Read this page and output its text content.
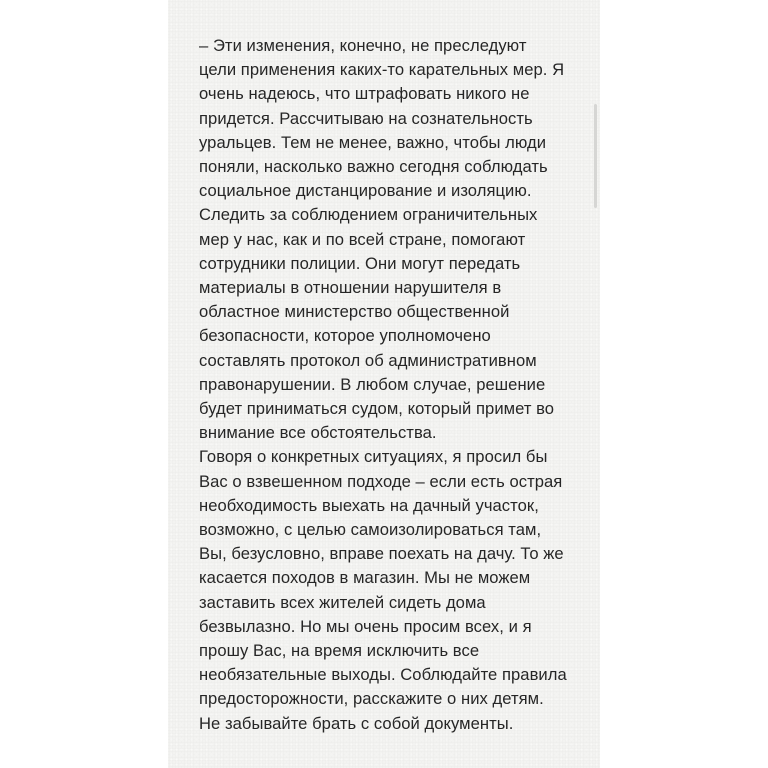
– Эти изменения, конечно, не преследуют
цели применения каких-то карательных мер. Я
очень надеюсь, что штрафовать никого не
придется. Рассчитываю на сознательность
уральцев. Тем не менее, важно, чтобы люди
поняли, насколько важно сегодня соблюдать
социальное дистанцирование и изоляцию.
Следить за соблюдением ограничительных
мер у нас, как и по всей стране, помогают
сотрудники полиции. Они могут передать
материалы в отношении нарушителя в
областное министерство общественной
безопасности, которое уполномочено
составлять протокол об административном
правонарушении. В любом случае, решение
будет приниматься судом, который примет во
внимание все обстоятельства.
Говоря о конкретных ситуациях, я просил бы
Вас о взвешенном подходе – если есть острая
необходимость выехать на дачный участок,
возможно, с целью самоизолироваться там,
Вы, безусловно, вправе поехать на дачу. То же
касается походов в магазин. Мы не можем
заставить всех жителей сидеть дома
безвылазно. Но мы очень просим всех, и я
прошу Вас, на время исключить все
необязательные выходы. Соблюдайте правила
предосторожности, расскажите о них детям.
Не забывайте брать с собой документы.
